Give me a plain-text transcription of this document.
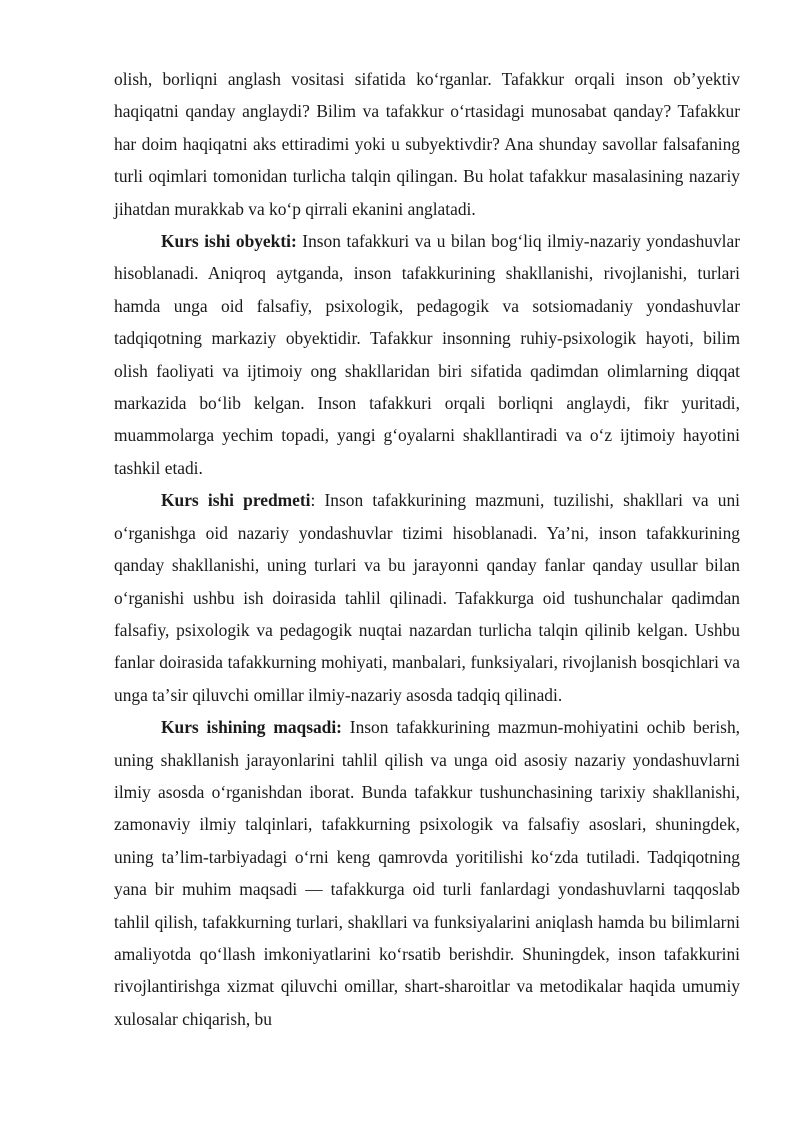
olish, borliqni anglash vositasi sifatida koʻrganlar. Tafakkur orqali inson obʼyektiv haqiqatni qanday anglaydi? Bilim va tafakkur oʻrtasidagi munosabat qanday? Tafakkur har doim haqiqatni aks ettiradimi yoki u subyektivdir? Ana shunday savollar falsafaning turli oqimlari tomonidan turlicha talqin qilingan. Bu holat tafakkur masalasining nazariy jihatdan murakkab va koʻp qirrali ekanini anglatadi.

Kurs ishi obyekti: Inson tafakkuri va u bilan bogʻliq ilmiy-nazariy yondashuvlar hisoblanadi. Aniqroq aytganda, inson tafakkurining shakllanishi, rivojlanishi, turlari hamda unga oid falsafiy, psixologik, pedagogik va sotsiomadaniy yondashuvlar tadqiqotning markaziy obyektidir. Tafakkur insonning ruhiy-psixologik hayoti, bilim olish faoliyati va ijtimoiy ong shakllaridan biri sifatida qadimdan olimlarning diqqat markazida boʻlib kelgan. Inson tafakkuri orqali borliqni anglaydi, fikr yuritadi, muammolarga yechim topadi, yangi gʻoyalarni shakllantiradi va oʻz ijtimoiy hayotini tashkil etadi.

Kurs ishi predmeti: Inson tafakkurining mazmuni, tuzilishi, shakllari va uni oʻrganishga oid nazariy yondashuvlar tizimi hisoblanadi. Yaʼni, inson tafakkurining qanday shakllanishi, uning turlari va bu jarayonni qanday fanlar qanday usullar bilan oʻrganishi ushbu ish doirasida tahlil qilinadi. Tafakkurga oid tushunchalar qadimdan falsafiy, psixologik va pedagogik nuqtai nazardan turlicha talqin qilinib kelgan. Ushbu fanlar doirasida tafakkurning mohiyati, manbalari, funksiyalari, rivojlanish bosqichlari va unga taʼsir qiluvchi omillar ilmiy-nazariy asosda tadqiq qilinadi.

Kurs ishining maqsadi: Inson tafakkurining mazmun-mohiyatini ochib berish, uning shakllanish jarayonlarini tahlil qilish va unga oid asosiy nazariy yondashuvlarni ilmiy asosda oʻrganishdan iborat. Bunda tafakkur tushunchasining tarixiy shakllanishi, zamonaviy ilmiy talqinlari, tafakkurning psixologik va falsafiy asoslari, shuningdek, uning taʼlim-tarbiyadagi oʻrni keng qamrovda yoritilishi koʻzda tutiladi. Tadqiqotning yana bir muhim maqsadi — tafakkurga oid turli fanlardagi yondashuvlarni taqqoslab tahlil qilish, tafakkurning turlari, shakllari va funksiyalarini aniqlash hamda bu bilimlarni amaliyotda qoʻllash imkoniyatlarini koʻrsatib berishdir. Shuningdek, inson tafakkurini rivojlantirishga xizmat qiluvchi omillar, shart-sharoitlar va metodikalar haqida umumiy xulosalar chiqarish, bu
